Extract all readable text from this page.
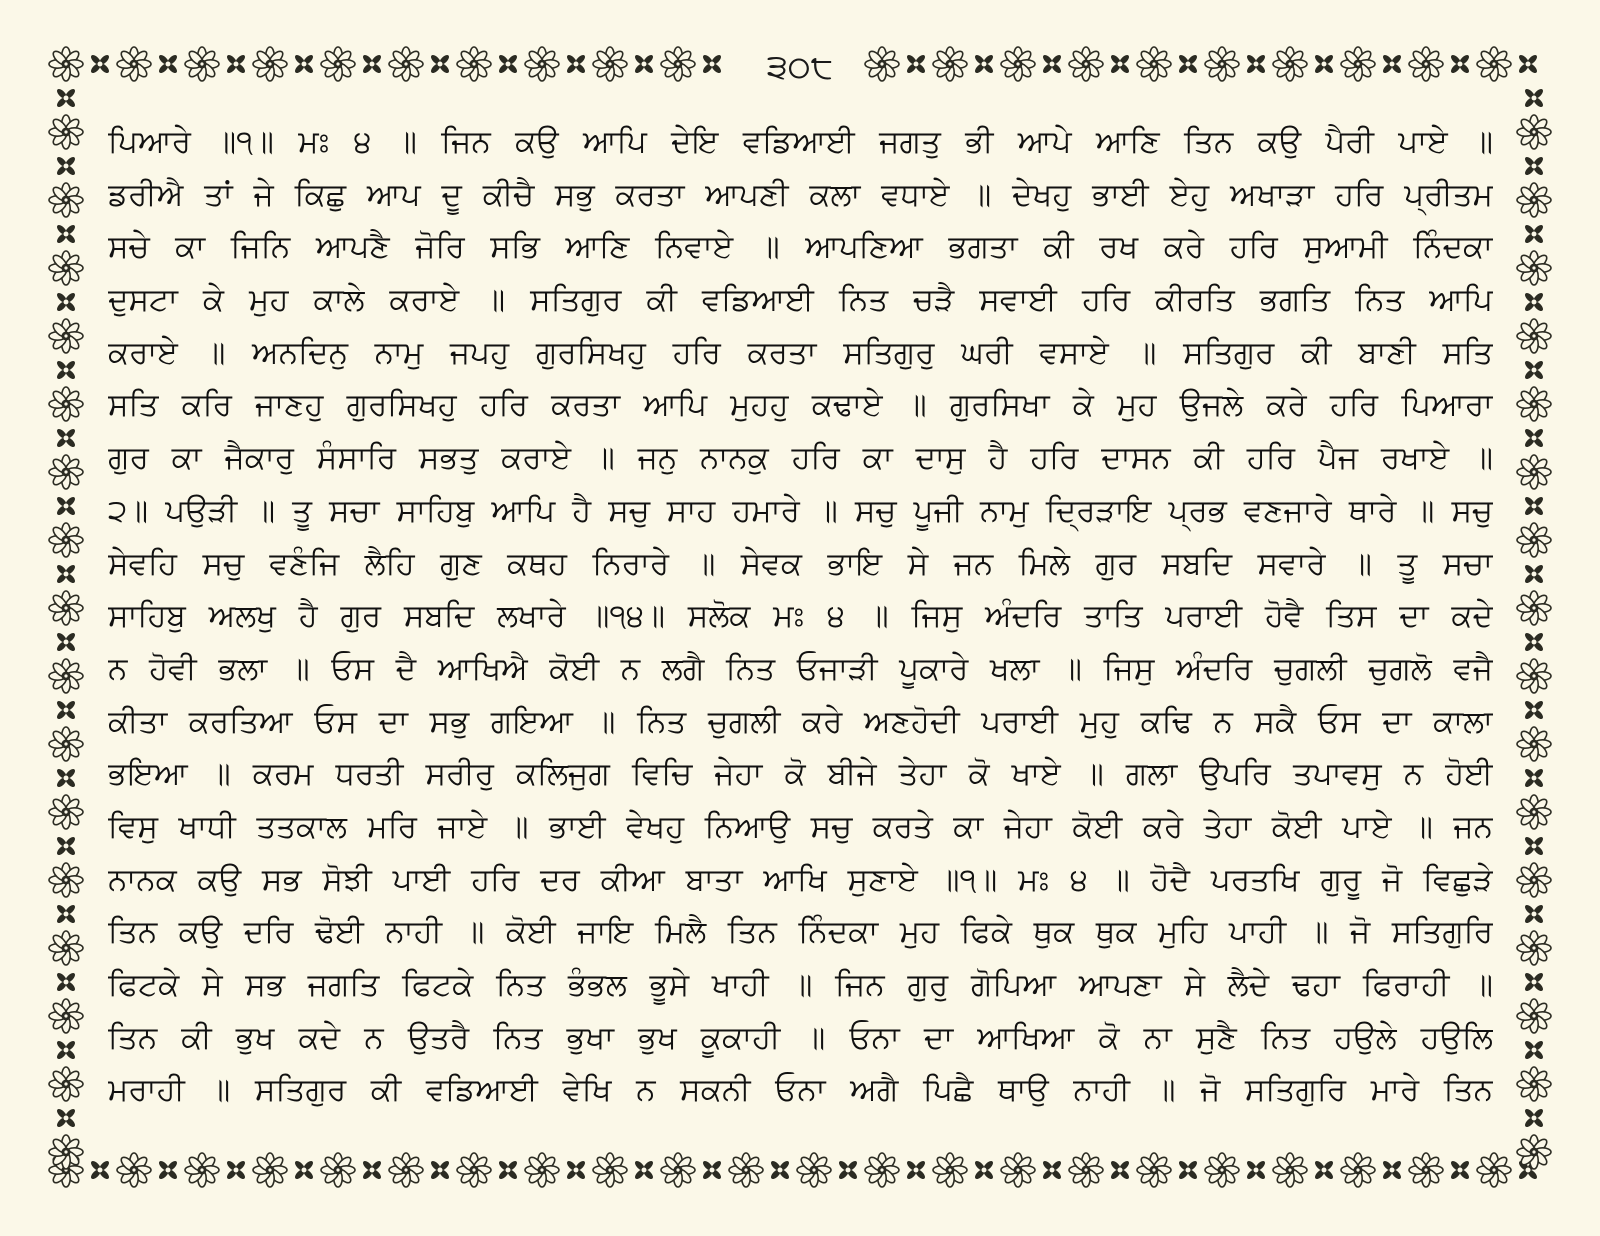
੩੦੮
ਪਿਆਰੇ ॥੧॥ ਮਃ ੪ ॥ ਜਿਨ ਕਉ ਆਪਿ ਦੇਇ ਵਡਿਆਈ ਜਗਤੁ ਭੀ ਆਪੇ ਆਣਿ ਤਿਨ ਕਉ ਪੈਰੀ ਪਾਏ ॥
ਡਰੀਐ ਤਾਂ ਜੇ ਕਿਛੁ ਆਪ ਦੂ ਕੀਚੈ ਸਭੁ ਕਰਤਾ ਆਪਣੀ ਕਲਾ ਵਧਾਏ ॥ ਦੇਖਹੁ ਭਾਈ ਏਹੁ ਅਖਾੜਾ ਹਰਿ ਪ੍ਰੀਤਮ
ਸਚੇ ਕਾ ਜਿਨਿ ਆਪਣੈ ਜੋਰਿ ਸਭਿ ਆਣਿ ਨਿਵਾਏ ॥ ਆਪਣਿਆ ਭਗਤਾ ਕੀ ਰਖ ਕਰੇ ਹਰਿ ਸੁਆਮੀ ਨਿੰਦਕਾ
ਦੁਸਟਾ ਕੇ ਮੁਹ ਕਾਲੇ ਕਰਾਏ ॥ ਸਤਿਗੁਰ ਕੀ ਵਡਿਆਈ ਨਿਤ ਚੜੈ ਸਵਾਈ ਹਰਿ ਕੀਰਤਿ ਭਗਤਿ ਨਿਤ ਆਪਿ
ਕਰਾਏ ॥ ਅਨਦਿਨੁ ਨਾਮੁ ਜਪਹੁ ਗੁਰਸਿਖਹੁ ਹਰਿ ਕਰਤਾ ਸਤਿਗੁਰੁ ਘਰੀ ਵਸਾਏ ॥ ਸਤਿਗੁਰ ਕੀ ਬਾਣੀ ਸਤਿ
ਸਤਿ ਕਰਿ ਜਾਣਹੁ ਗੁਰਸਿਖਹੁ ਹਰਿ ਕਰਤਾ ਆਪਿ ਮੁਹਹੁ ਕਢਾਏ ॥ ਗੁਰਸਿਖਾ ਕੇ ਮੁਹ ਉਜਲੇ ਕਰੇ ਹਰਿ ਪਿਆਰਾ
ਗੁਰ ਕਾ ਜੈਕਾਰੁ ਸੰਸਾਰਿ ਸਭਤੁ ਕਰਾਏ ॥ ਜਨੁ ਨਾਨਕੁ ਹਰਿ ਕਾ ਦਾਸੁ ਹੈ ਹਰਿ ਦਾਸਨ ਕੀ ਹਰਿ ਪੈਜ ਰਖਾਏ ॥
੨॥ ਪਉੜੀ ॥ ਤੂ ਸਚਾ ਸਾਹਿਬੁ ਆਪਿ ਹੈ ਸਚੁ ਸਾਹ ਹਮਾਰੇ ॥ ਸਚੁ ਪੂਜੀ ਨਾਮੁ ਦ੍ਰਿੜਾਇ ਪ੍ਰਭ ਵਣਜਾਰੇ ਥਾਰੇ ॥ ਸਚੁ
ਸੇਵਹਿ ਸਚੁ ਵਣੰਜਿ ਲੈਹਿ ਗੁਣ ਕਥਹ ਨਿਰਾਰੇ ॥ ਸੇਵਕ ਭਾਇ ਸੇ ਜਨ ਮਿਲੇ ਗੁਰ ਸਬਦਿ ਸਵਾਰੇ ॥ ਤੂ ਸਚਾ
ਸਾਹਿਬੁ ਅਲਖੁ ਹੈ ਗੁਰ ਸਬਦਿ ਲਖਾਰੇ ॥੧੪॥ ਸਲੋਕ ਮਃ ੪ ॥ ਜਿਸੁ ਅੰਦਰਿ ਤਾਤਿ ਪਰਾਈ ਹੋਵੈ ਤਿਸ ਦਾ ਕਦੇ
ਨ ਹੋਵੀ ਭਲਾ ॥ ਓਸ ਦੈ ਆਖਿਐ ਕੋਈ ਨ ਲਗੈ ਨਿਤ ਓਜਾੜੀ ਪੂਕਾਰੇ ਖਲਾ ॥ ਜਿਸੁ ਅੰਦਰਿ ਚੁਗਲੀ ਚੁਗਲੋ ਵਜੈ
ਕੀਤਾ ਕਰਤਿਆ ਓਸ ਦਾ ਸਭੁ ਗਇਆ ॥ ਨਿਤ ਚੁਗਲੀ ਕਰੇ ਅਣਹੋਦੀ ਪਰਾਈ ਮੁਹੁ ਕਢਿ ਨ ਸਕੈ ਓਸ ਦਾ ਕਾਲਾ
ਭਇਆ ॥ ਕਰਮ ਧਰਤੀ ਸਰੀਰੁ ਕਲਿਜੁਗ ਵਿਚਿ ਜੇਹਾ ਕੋ ਬੀਜੇ ਤੇਹਾ ਕੋ ਖਾਏ ॥ ਗਲਾ ਉਪਰਿ ਤਪਾਵਸੁ ਨ ਹੋਈ
ਵਿਸੁ ਖਾਧੀ ਤਤਕਾਲ ਮਰਿ ਜਾਏ ॥ ਭਾਈ ਵੇਖਹੁ ਨਿਆਉ ਸਚੁ ਕਰਤੇ ਕਾ ਜੇਹਾ ਕੋਈ ਕਰੇ ਤੇਹਾ ਕੋਈ ਪਾਏ ॥ ਜਨ
ਨਾਨਕ ਕਉ ਸਭ ਸੋਝੀ ਪਾਈ ਹਰਿ ਦਰ ਕੀਆ ਬਾਤਾ ਆਖਿ ਸੁਣਾਏ ॥੧॥ ਮਃ ੪ ॥ ਹੋਦੈ ਪਰਤਖਿ ਗੁਰੂ ਜੋ ਵਿਛੁੜੇ
ਤਿਨ ਕਉ ਦਰਿ ਢੋਈ ਨਾਹੀ ॥ ਕੋਈ ਜਾਇ ਮਿਲੈ ਤਿਨ ਨਿੰਦਕਾ ਮੁਹ ਫਿਕੇ ਥੁਕ ਥੁਕ ਮੁਹਿ ਪਾਹੀ ॥ ਜੋ ਸਤਿਗੁਰਿ
ਫਿਟਕੇ ਸੇ ਸਭ ਜਗਤਿ ਫਿਟਕੇ ਨਿਤ ਭੰਭਲ ਭੂਸੇ ਖਾਹੀ ॥ ਜਿਨ ਗੁਰੁ ਗੋਪਿਆ ਆਪਣਾ ਸੇ ਲੈਦੇ ਢਹਾ ਫਿਰਾਹੀ ॥
ਤਿਨ ਕੀ ਭੁਖ ਕਦੇ ਨ ਉਤਰੈ ਨਿਤ ਭੁਖਾ ਭੁਖ ਕੂਕਾਹੀ ॥ ਓਨਾ ਦਾ ਆਖਿਆ ਕੋ ਨਾ ਸੁਣੈ ਨਿਤ ਹਉਲੇ ਹਉਲਿ
ਮਰਾਹੀ ॥ ਸਤਿਗੁਰ ਕੀ ਵਡਿਆਈ ਵੇਖਿ ਨ ਸਕਨੀ ਓਨਾ ਅਗੈ ਪਿਛੈ ਥਾਉ ਨਾਹੀ ॥ ਜੋ ਸਤਿਗੁਰਿ ਮਾਰੇ ਤਿਨ
